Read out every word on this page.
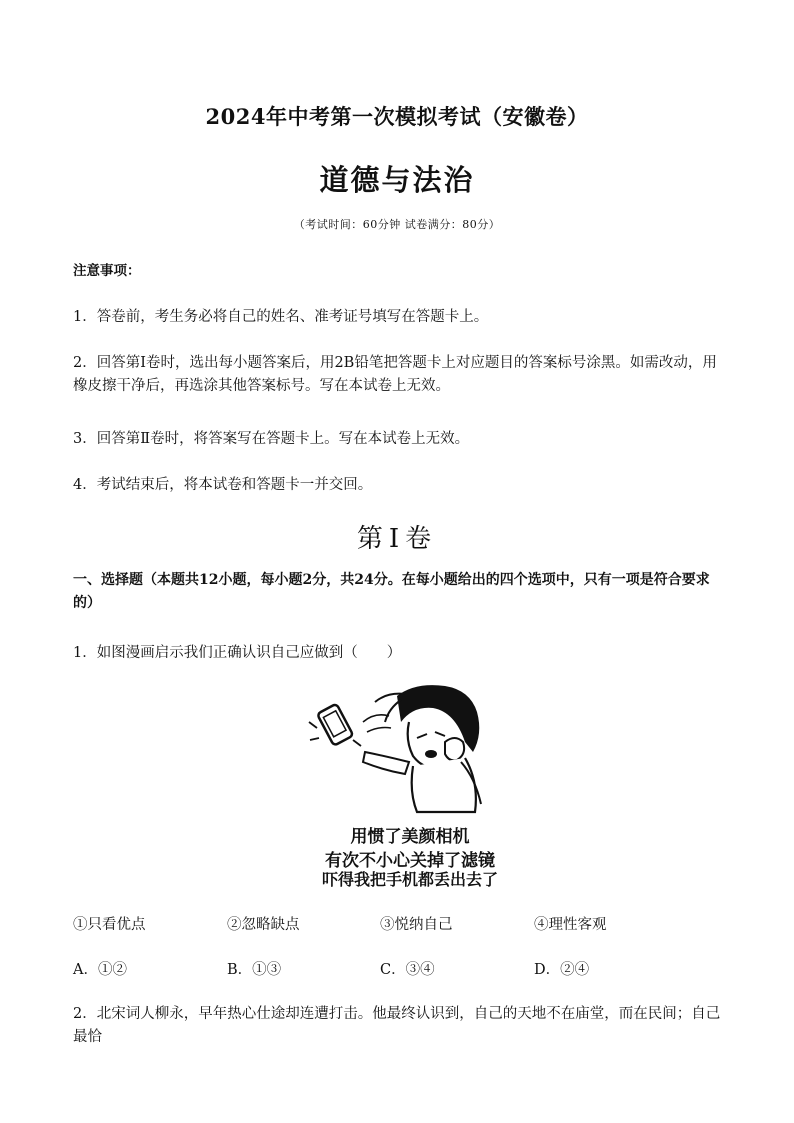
2024年中考第一次模拟考试（安徽卷）
道德与法治
（考试时间：60分钟 试卷满分：80分）
注意事项：
1．答卷前，考生务必将自己的姓名、准考证号填写在答题卡上。
2．回答第Ⅰ卷时，选出每小题答案后，用2B铅笔把答题卡上对应题目的答案标号涂黑。如需改动，用橡皮擦干净后，再选涂其他答案标号。写在本试卷上无效。
3．回答第Ⅱ卷时，将答案写在答题卡上。写在本试卷上无效。
4．考试结束后，将本试卷和答题卡一并交回。
第Ⅰ卷
一、选择题（本题共12小题，每小题2分，共24分。在每小题给出的四个选项中，只有一项是符合要求的）
1．如图漫画启示我们正确认识自己应做到（　　）
用惯了美颜相机
有次不小心关掉了滤镜
吓得我把手机都丢出去了
①只看优点	②忽略缺点	③悦纳自己	④理性客观
A．①②	B．①③	C．③④	D．②④
2．北宋词人柳永，早年热心仕途却连遭打击。他最终认识到，自己的天地不在庙堂，而在民间；自己最恰
